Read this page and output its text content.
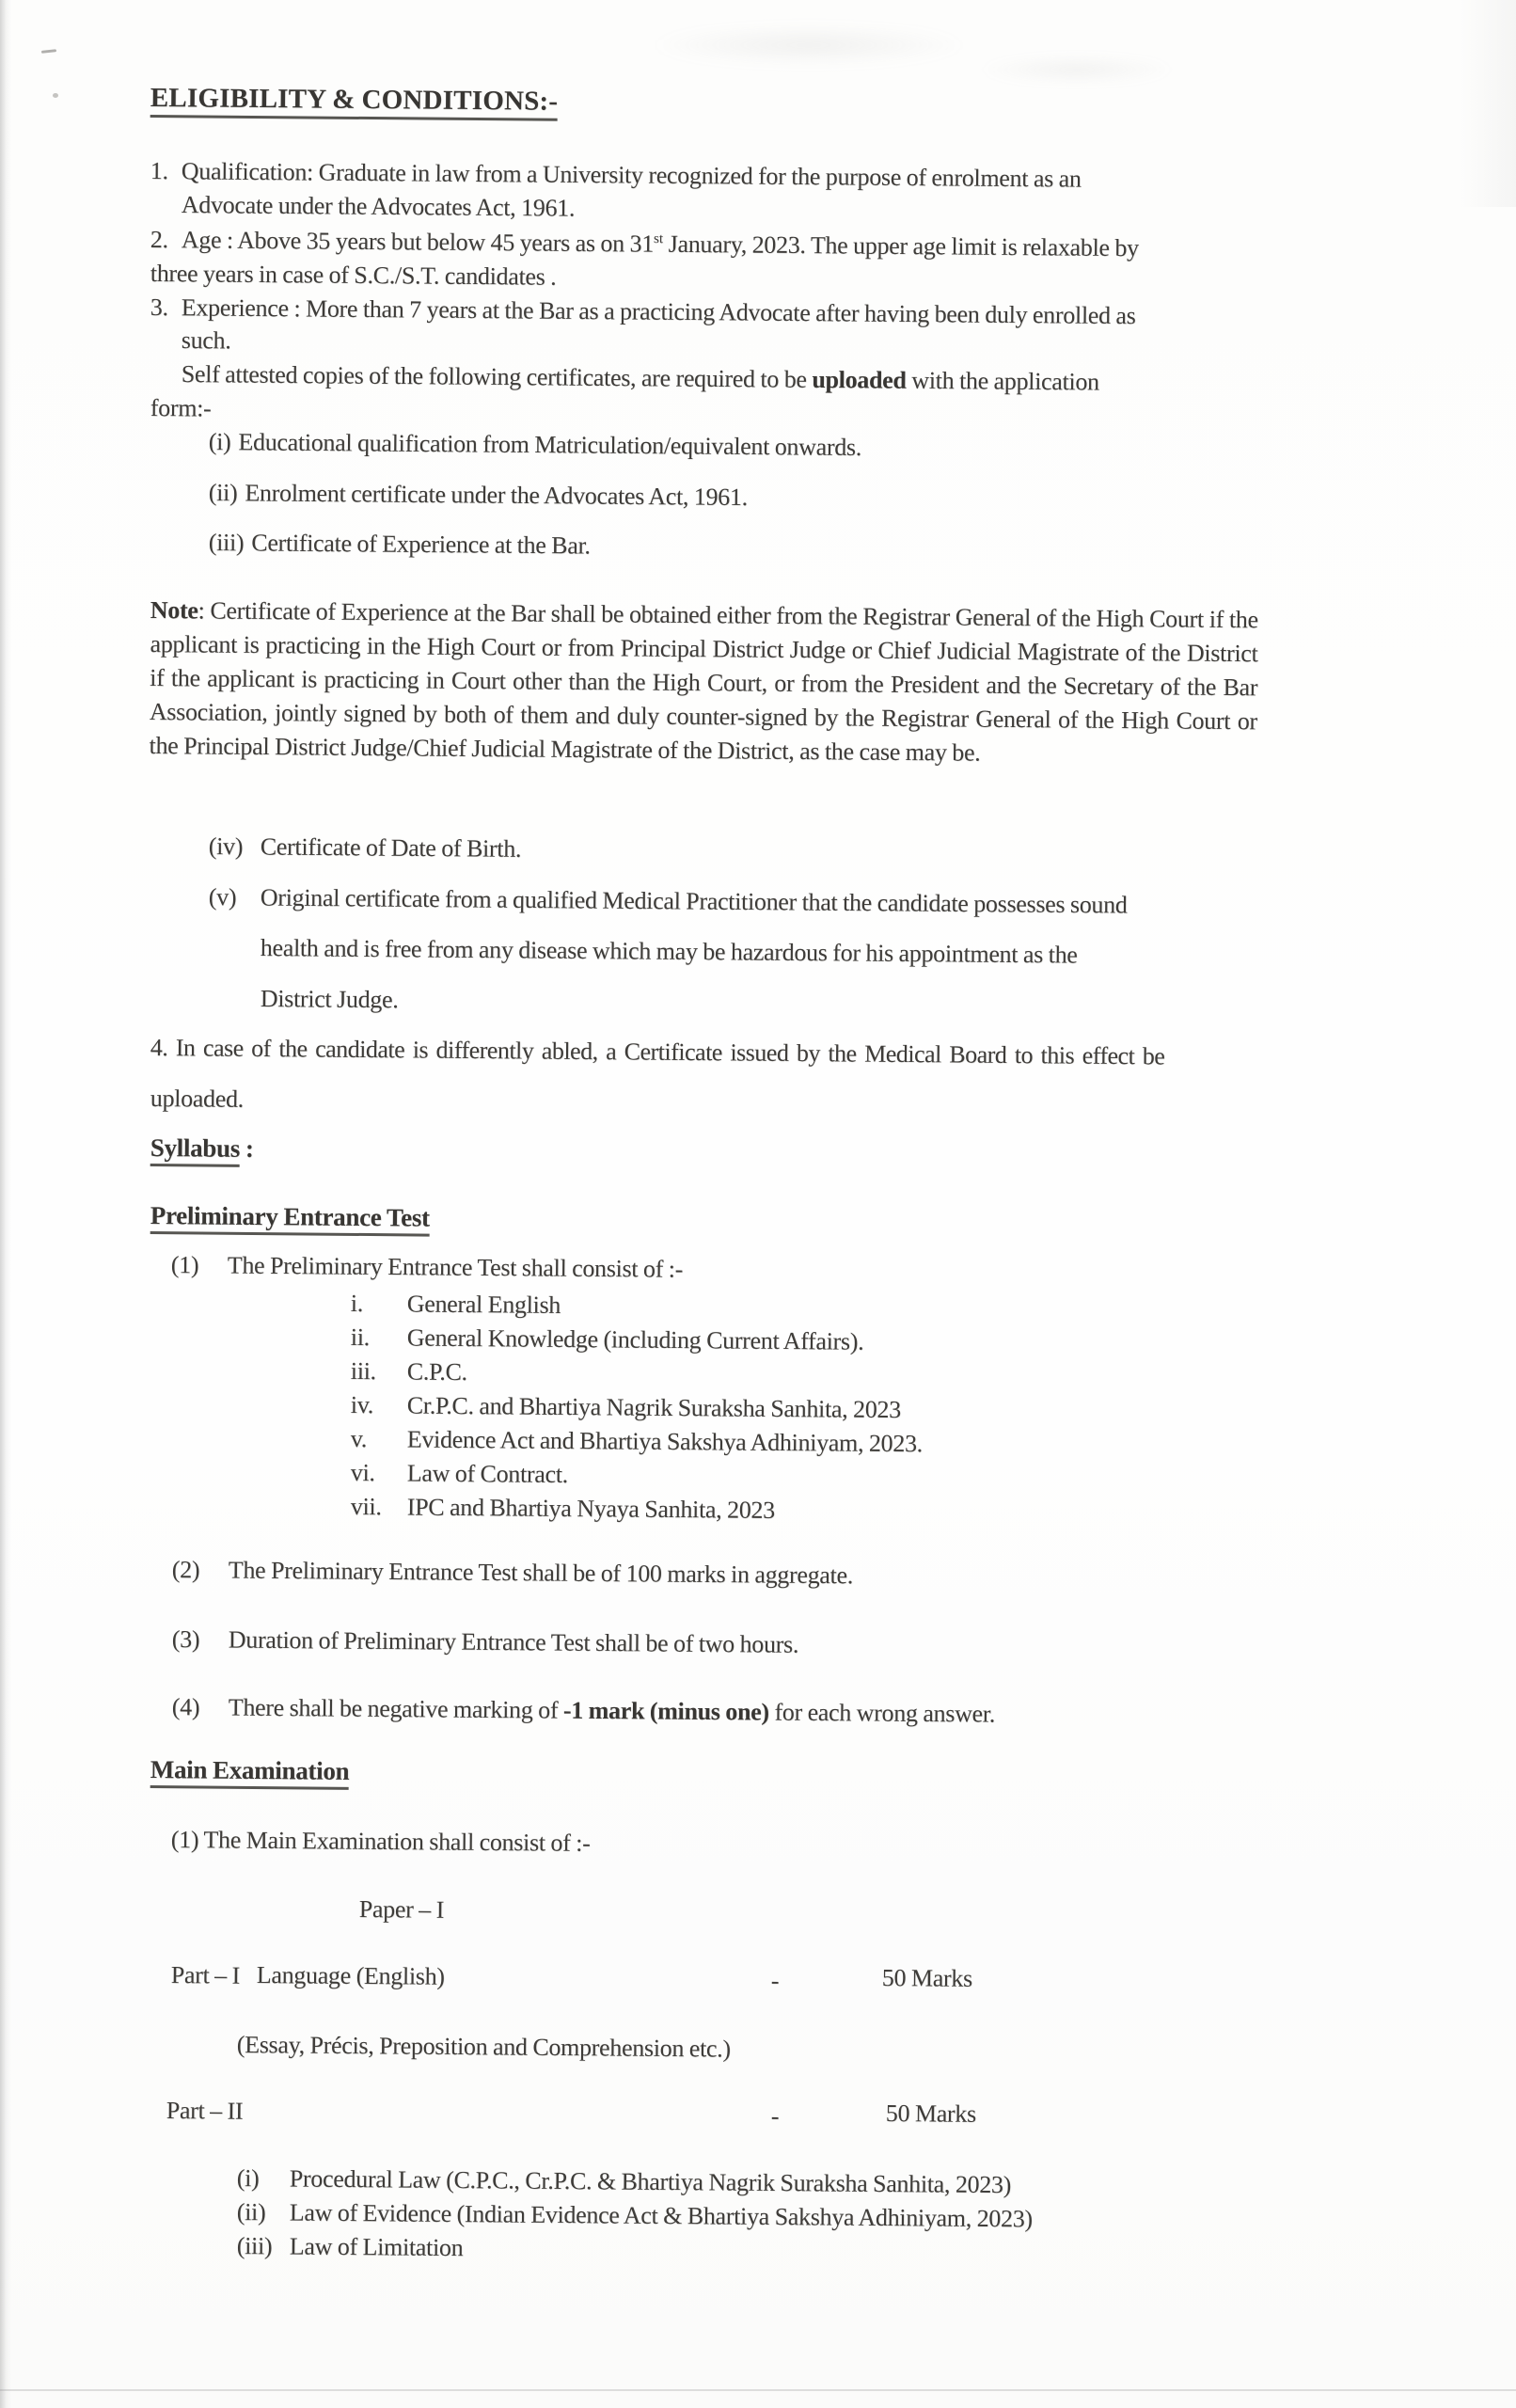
ELIGIBILITY & CONDITIONS:-
1. Qualification: Graduate in law from a University recognized for the purpose of enrolment as an
Advocate under the Advocates Act, 1961.
2. Age : Above 35 years but below 45 years as on 31st January, 2023. The upper age limit is relaxable by
three years in case of S.C./S.T. candidates .
3. Experience : More than 7 years at the Bar as a practicing Advocate after having been duly enrolled as
such.
Self attested copies of the following certificates, are required to be uploaded with the application
form:-
(i) Educational qualification from Matriculation/equivalent onwards.
(ii) Enrolment certificate under the Advocates Act, 1961.
(iii) Certificate of Experience at the Bar.
Note: Certificate of Experience at the Bar shall be obtained either from the Registrar General of the High Court if the applicant is practicing in the High Court or from Principal District Judge or Chief Judicial Magistrate of the District if the applicant is practicing in Court other than the High Court, or from the President and the Secretary of the Bar Association, jointly signed by both of them and duly counter-signed by the Registrar General of the High Court or the Principal District Judge/Chief Judicial Magistrate of the District, as the case may be.
(iv) Certificate of Date of Birth.
(v) Original certificate from a qualified Medical Practitioner that the candidate possesses sound
health and is free from any disease which may be hazardous for his appointment as the
District Judge.
4. In case of the candidate is differently abled, a Certificate issued by the Medical Board to this effect be
uploaded.
Syllabus :
Preliminary Entrance Test
(1) The Preliminary Entrance Test shall consist of :-
i. General English
ii. General Knowledge (including Current Affairs).
iii. C.P.C.
iv. Cr.P.C. and Bhartiya Nagrik Suraksha Sanhita, 2023
v. Evidence Act and Bhartiya Sakshya Adhiniyam, 2023.
vi. Law of Contract.
vii. IPC and Bhartiya Nyaya Sanhita, 2023
(2) The Preliminary Entrance Test shall be of 100 marks in aggregate.
(3) Duration of Preliminary Entrance Test shall be of two hours.
(4) There shall be negative marking of -1 mark (minus one) for each wrong answer.
Main Examination
(1) The Main Examination shall consist of :-
Paper – I
Part – I Language (English)	-	50 Marks
(Essay, Précis, Preposition and Comprehension etc.)
Part – II	-	50 Marks
(i) Procedural Law (C.P.C., Cr.P.C. & Bhartiya Nagrik Suraksha Sanhita, 2023)
(ii) Law of Evidence (Indian Evidence Act & Bhartiya Sakshya Adhiniyam, 2023)
(iii) Law of Limitation
